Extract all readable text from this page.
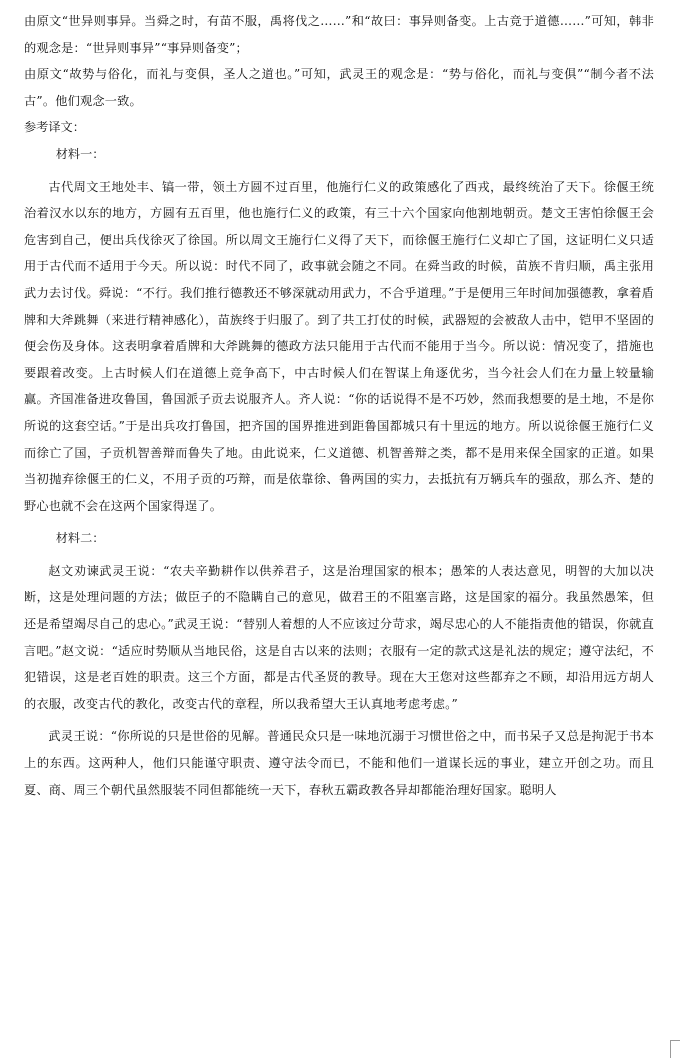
由原文“世异则事异。当舜之时，有苗不服，禹将伐之……”和“故曰：事异则备变。上古竞于道德……”可知，韩非的观念是：“世异则事异”“事异则备变”；

由原文“故势与俗化，而礼与变俱，圣人之道也。”可知，武灵王的观念是：“势与俗化，而礼与变俱”“制今者不法古”。他们观念一致。

参考译文：

材料一：

古代周文王地处丰、镐一带，领土方圆不过百里，他施行仁义的政策感化了西戎，最终统治了天下。徐偃王统治着汉水以东的地方，方圆有五百里，他也施行仁义的政策，有三十六个国家向他割地朝贡。楚文王害怕徐偃王会危害到自己，便出兵伐徐灭了徐国。所以周文王施行仁义得了天下，而徐偃王施行仁义却亡了国，这证明仁义只适用于古代而不适用于今天。所以说：时代不同了，政事就会随之不同。在舜当政的时候，苗族不肯归顺，禹主张用武力去讨伐。舜说：“不行。我们推行德教还不够深就动用武力，不合乎道理。”于是便用三年时间加强德教，拿着盾牌和大斧跳舞（来进行精神感化），苗族终于归服了。到了共工打仗的时候，武器短的会被敌人击中，铠甲不坚固的便会伤及身体。这表明拿着盾牌和大斧跳舞的德政方法只能用于古代而不能用于当今。所以说：情况变了，措施也要跟着改变。上古时候人们在道德上竞争高下，中古时候人们在智谋上角逐优劣，当今社会人们在力量上较量输赢。齐国准备进攻鲁国，鲁国派子贡去说服齐人。齐人说：“你的话说得不是不巧妙，然而我想要的是土地，不是你所说的这套空话。”于是出兵攻打鲁国，把齐国的国界推进到距鲁国都城只有十里远的地方。所以说徐偃王施行仁义而徐亡了国，子贡机智善辩而鲁失了地。由此说来，仁义道德、机智善辩之类，都不是用来保全国家的正道。如果当初抛弃徐偃王的仁义，不用子贡的巧辩，而是依靠徐、鲁两国的实力，去抵抗有万辆兵车的强敌，那么齐、楚的野心也就不会在这两个国家得逞了。

材料二：

赵文劝谏武灵王说：“农夫辛勤耕作以供养君子，这是治理国家的根本；愚笨的人表达意见，明智的大加以决断，这是处理问题的方法；做臣子的不隐瞒自己的意见，做君王的不阻塞言路，这是国家的福分。我虽然愚笨，但还是希望竭尽自己的忠心。”武灵王说：“替别人着想的人不应该过分苛求，竭尽忠心的人不能指责他的错误，你就直言吧。”赵文说：“适应时势顺从当地民俗，这是自古以来的法则；衣服有一定的款式这是礼法的规定；遵守法纪，不犯错误，这是老百姓的职责。这三个方面，都是古代圣贤的教导。现在大王您对这些都弃之不顾，却沿用远方胡人的衣服，改变古代的教化，改变古代的章程，所以我希望大王认真地考虑考虑。”

武灵王说：“你所说的只是世俗的见解。普通民众只是一味地沉溺于习惯世俗之中，而书呆子又总是拘泥于书本上的东西。这两种人，他们只能谨守职责、遵守法令而已，不能和他们一道谋长远的事业，建立开创之功。而且夏、商、周三个朝代虽然服装不同但都能统一天下，春秋五霸政教各异却都能治理好国家。聪明人
